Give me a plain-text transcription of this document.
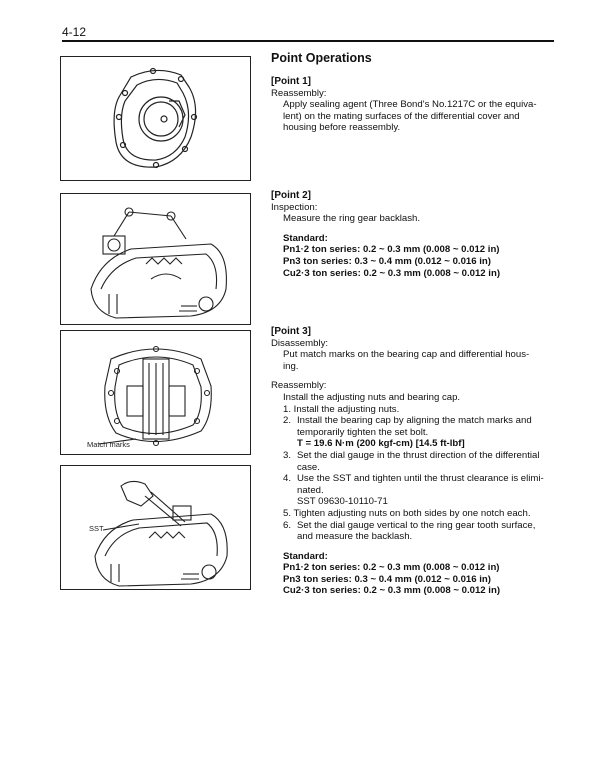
4-12
Match marks
SST
Point Operations
[Point 1]
Reassembly:
Apply sealing agent (Three Bond's No.1217C or the equiva-
lent) on the mating surfaces of the differential cover and
housing before reassembly.
[Point 2]
Inspection:
Measure the ring gear backlash.
Standard:
Pn1·2 ton series: 0.2 ~ 0.3 mm (0.008 ~ 0.012 in)
Pn3 ton series: 0.3 ~ 0.4 mm (0.012 ~ 0.016 in)
Cu2·3 ton series: 0.2 ~ 0.3 mm (0.008 ~ 0.012 in)
[Point 3]
Disassembly:
Put match marks on the bearing cap and differential hous-
ing.
Reassembly:
Install the adjusting nuts and bearing cap.
1. Install the adjusting nuts.
2. Install the bearing cap by aligning the match marks and
temporarily tighten the set bolt.
T = 19.6 N·m (200 kgf-cm) [14.5 ft-lbf]
3. Set the dial gauge in the thrust direction of the differential
case.
4. Use the SST and tighten until the thrust clearance is elimi-
nated.
SST 09630-10110-71
5. Tighten adjusting nuts on both sides by one notch each.
6. Set the dial gauge vertical to the ring gear tooth surface,
and measure the backlash.
Standard:
Pn1·2 ton series: 0.2 ~ 0.3 mm (0.008 ~ 0.012 in)
Pn3 ton series: 0.3 ~ 0.4 mm (0.012 ~ 0.016 in)
Cu2·3 ton series: 0.2 ~ 0.3 mm (0.008 ~ 0.012 in)
